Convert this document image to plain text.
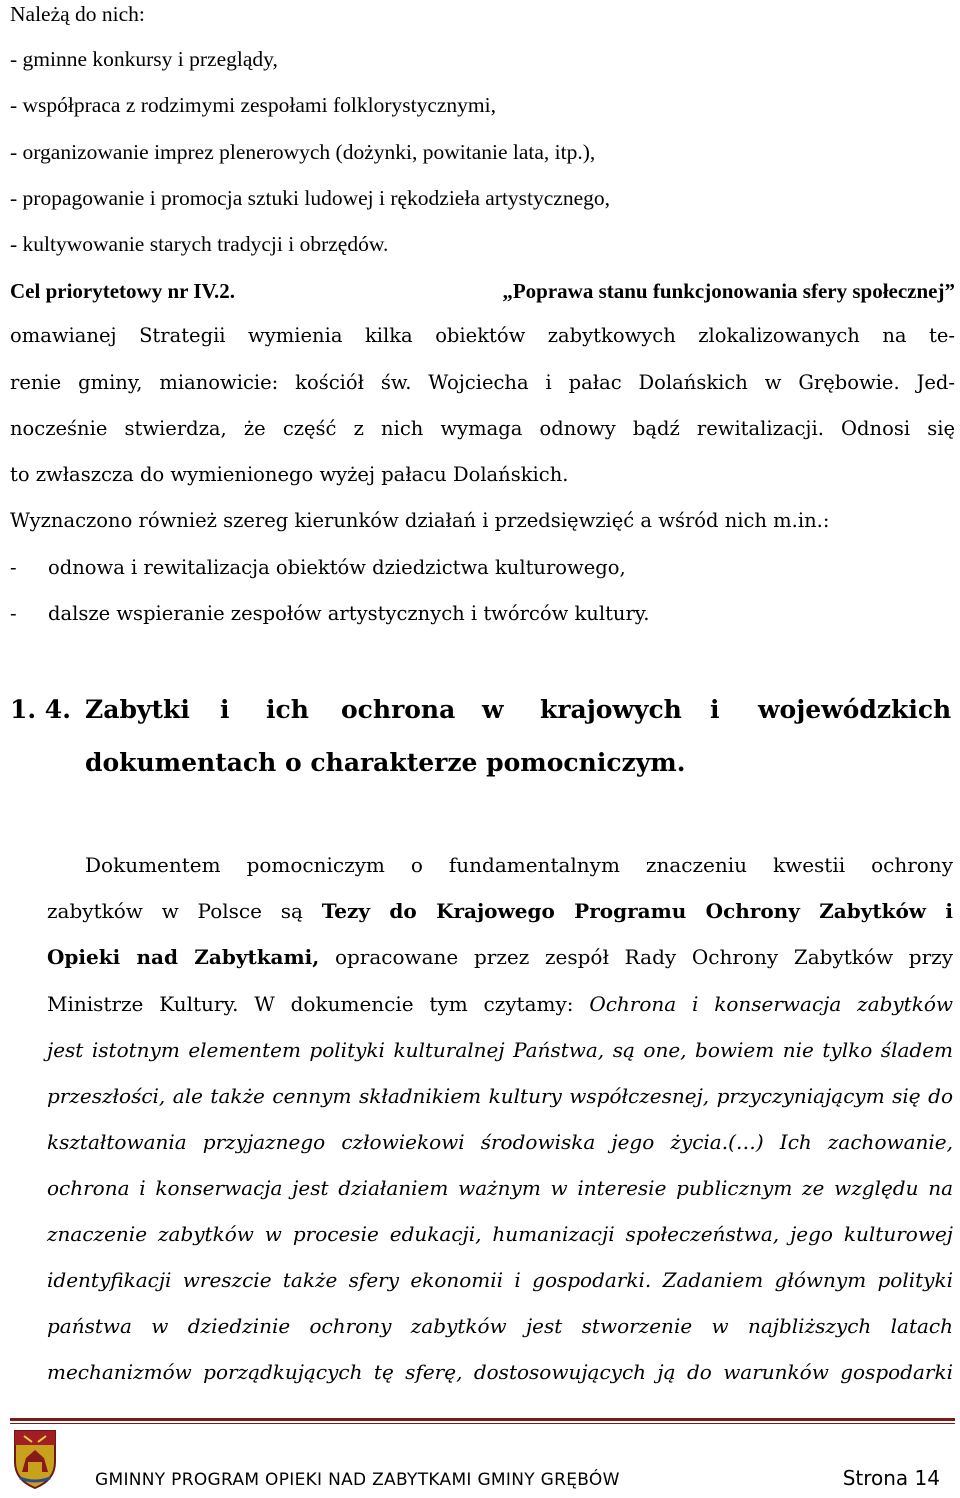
Należą do nich:
- gminne konkursy i przeglądy,
- współpraca z rodzimymi zespołami folklorystycznymi,
- organizowanie imprez plenerowych (dożynki, powitanie lata, itp.),
- propagowanie i promocja sztuki ludowej i rękodzieła artystycznego,
- kultywowanie starych tradycji i obrzędów.
Cel priorytetowy nr IV.2.	„Poprawa stanu funkcjonowania sfery społecznej”
omawianej Strategii wymienia kilka obiektów zabytkowych zlokalizowanych na te-
renie gminy, mianowicie: kościół św. Wojciecha i pałac Dolańskich w Grębowie. Jed-
nocześnie stwierdza, że część z nich wymaga odnowy bądź rewitalizacji. Odnosi się
to zwłaszcza do wymienionego wyżej pałacu Dolańskich.
Wyznaczono również szereg kierunków działań i przedsięwzięć a wśród nich m.in.:
- odnowa i rewitalizacja obiektów dziedzictwa kulturowego,
- dalsze wspieranie zespołów artystycznych i twórców kultury.
1. 4. Zabytki i ich ochrona w krajowych i wojewódzkich
dokumentach o charakterze pomocniczym.
Dokumentem pomocniczym o fundamentalnym znaczeniu kwestii ochrony
zabytków w Polsce są Tezy do Krajowego Programu Ochrony Zabytków i
Opieki nad Zabytkami, opracowane przez zespół Rady Ochrony Zabytków przy
Ministrze Kultury. W dokumencie tym czytamy: Ochrona i konserwacja zabytków
jest istotnym elementem polityki kulturalnej Państwa, są one, bowiem nie tylko śladem
przeszłości, ale także cennym składnikiem kultury współczesnej, przyczyniającym się do
kształtowania przyjaznego człowiekowi środowiska jego życia.(…) Ich zachowanie,
ochrona i konserwacja jest działaniem ważnym w interesie publicznym ze względu na
znaczenie zabytków w procesie edukacji, humanizacji społeczeństwa, jego kulturowej
identyfikacji wreszcie także sfery ekonomii i gospodarki. Zadaniem głównym polityki
państwa w dziedzinie ochrony zabytków jest stworzenie w najbliższych latach
mechanizmów porządkujących tę sferę, dostosowujących ją do warunków gospodarki
GMINNY PROGRAM OPIEKI NAD ZABYTKAMI GMINY GRĘBÓW	Strona 14
